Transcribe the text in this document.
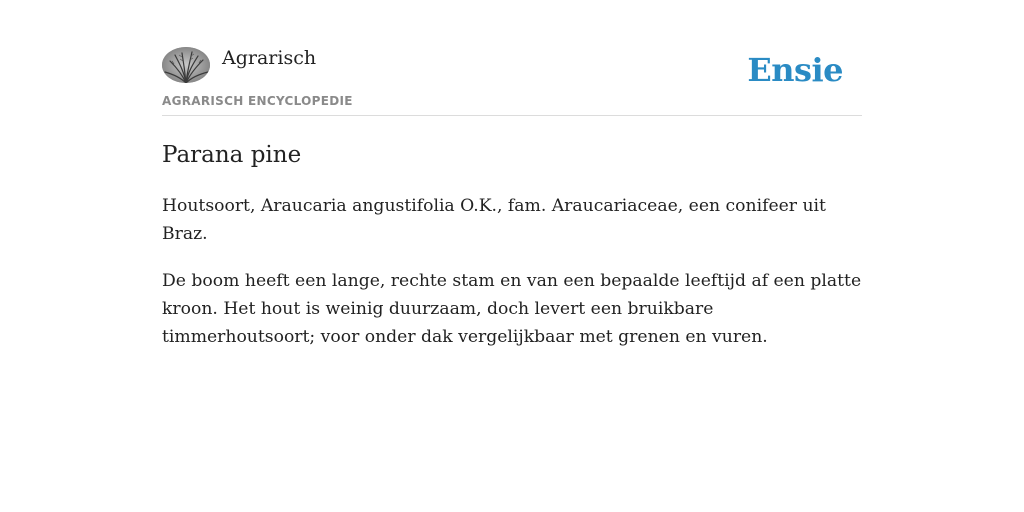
Agrarisch
AGRARISCH ENCYCLOPEDIE
Ensie
Parana pine

Houtsoort, Araucaria angustifolia O.K., fam. Araucariaceae, een conifeer uit Braz.

De boom heeft een lange, rechte stam en van een bepaalde leeftijd af een platte kroon. Het hout is weinig duurzaam, doch levert een bruikbare timmerhoutsoort; voor onder dak vergelijkbaar met grenen en vuren.
